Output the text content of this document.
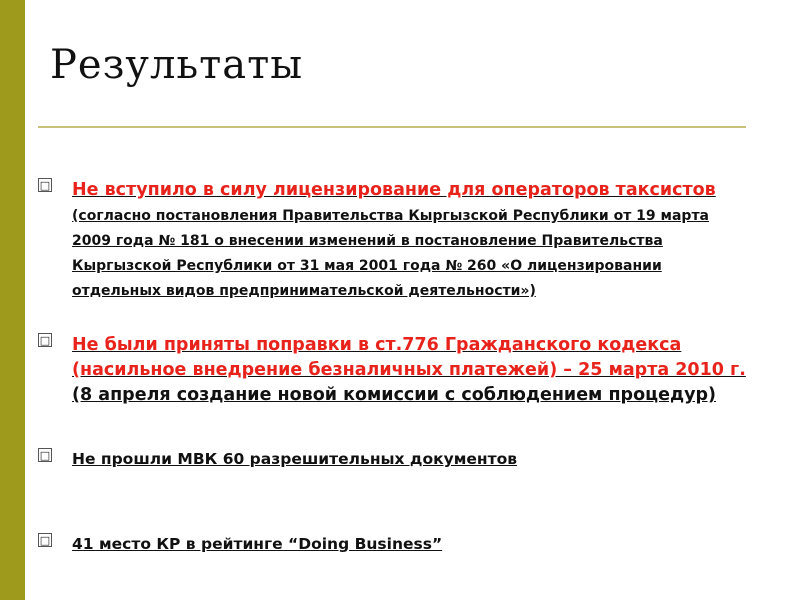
Результаты
□ Не вступило в силу лицензирование для операторов таксистов (согласно постановления Правительства Кыргызской Республики от 19 марта 2009 года № 181 о внесении изменений в постановление Правительства Кыргызской Республики от 31 мая 2001 года № 260 «О лицензировании отдельных видов предпринимательской деятельности»)
□ Не были приняты поправки в ст.776 Гражданского кодекса (насильное внедрение безналичных платежей) – 25 марта 2010 г. (8 апреля создание новой комиссии с соблюдением процедур)
□ Не прошли МВК 60 разрешительных документов
□ 41 место КР в рейтинге “Doing Business”
